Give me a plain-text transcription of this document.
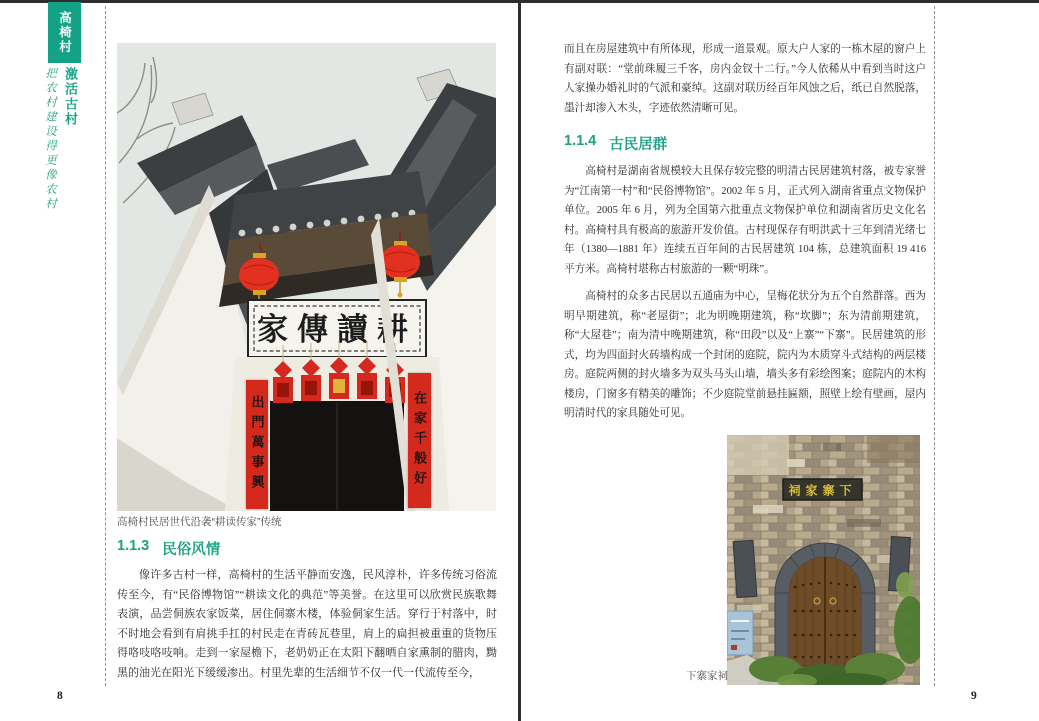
高椅村
激活古村
把农村建设得更像农村
家傳讀耕
出門萬事興	在家千般好
高椅村民居世代沿袭“耕读传家”传统
1.1.3 民俗风情
像许多古村一样，高椅村的生活平静而安逸，民风淳朴，许多传统习俗流传至今，有“民俗博物馆”“耕读文化的典范”等美誉。在这里可以欣赏民族歌舞表演，品尝侗族农家饭菜，居住侗寨木楼，体验侗家生活。穿行于村落中，时不时地会看到有肩挑手扛的村民走在青砖瓦巷里，肩上的扁担被重重的货物压得咯吱咯吱响。走到一家屋檐下，老奶奶正在太阳下翻晒自家熏制的腊肉，黝黑的油光在阳光下缓缓渗出。村里先辈的生活细节不仅一代一代流传至今，
8
而且在房屋建筑中有所体现，形成一道景观。原大户人家的一栋木屋的窗户上有副对联：“堂前珠履三千客，房内金钗十二行。”今人依稀从中看到当时这户人家操办婚礼时的气派和豪绰。这副对联历经百年风蚀之后，纸已自然脱落，墨汁却渗入木头，字迹依然清晰可见。
1.1.4 古民居群
高椅村是湖南省规模较大且保存较完整的明清古民居建筑村落，被专家誉为“江南第一村”和“民俗博物馆”。2002 年 5 月，正式列入湖南省重点文物保护单位。2005 年 6 月，列为全国第六批重点文物保护单位和湖南省历史文化名村。高椅村具有极高的旅游开发价值。古村现保存有明洪武十三年到清光绪七年（1380—1881 年）连续五百年间的古民居建筑 104 栋，总建筑面积 19 416 平方米。高椅村堪称古村旅游的一颗“明珠”。
高椅村的众多古民居以五通庙为中心，呈梅花状分为五个自然群落。西为明早期建筑，称“老屋街”；北为明晚期建筑，称“坎脚”；东为清前期建筑，称“大屋巷”；南为清中晚期建筑，称“田段”以及“上寨”“下寨”。民居建筑的形式，均为四面封火砖墙构成一个封闭的庭院，院内为木质穿斗式结构的两层楼房。庭院两侧的封火墙多为双头马头山墙，墙头多有彩绘图案；庭院内的木构楼房，门窗多有精美的雕饰；不少庭院堂前悬挂匾额，照壁上绘有壁画，屋内明清时代的家具随处可见。
祠家寨下
下寨家祠
9
